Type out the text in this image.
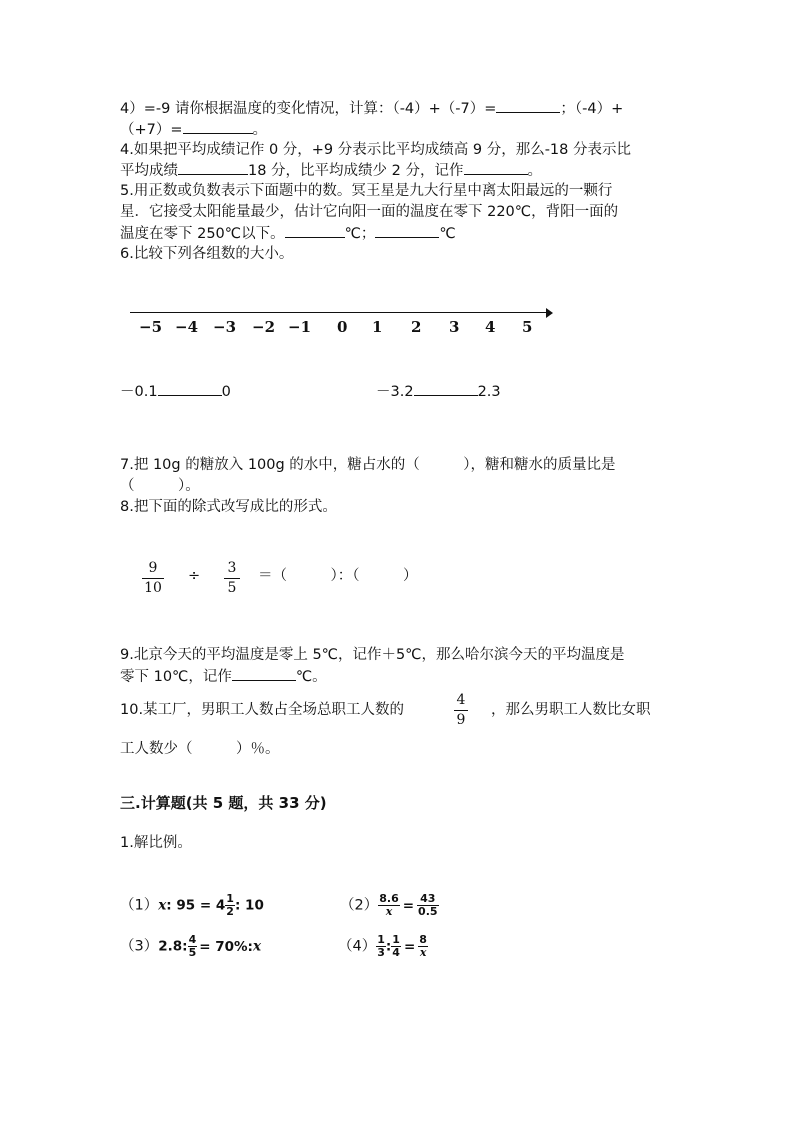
4）=-9 请你根据温度的变化情况，计算：（-4）+（-7）=	；（-4）+
（+7）=	。
4.如果把平均成绩记作 0 分，+9 分表示比平均成绩高 9 分，那么-18 分表示比
平均成绩	18 分，比平均成绩少 2 分，记作	。
5.用正数或负数表示下面题中的数。冥王星是九大行星中离太阳最远的一颗行
星．它接受太阳能量最少，估计它向阳一面的温度在零下 220℃，背阳一面的
温度在零下 250℃以下。	℃；	℃
6.比较下列各组数的大小。
−5 −4 −3 −2 −1 0 1 2 3 4 5
－0.1	0	－3.2	2.3
7.把 10g 的糖放入 100g 的水中，糖占水的（　　　），糖和糖水的质量比是
（　　　）。
8.把下面的除式改写成比的形式。
9
10
÷ 3
5
＝（　　　）：（　　　）
9.北京今天的平均温度是零上 5℃，记作＋5℃，那么哈尔滨今天的平均温度是
零下 10℃，记作	℃。
10.某工厂，男职工人数占全场总职工人数的
4
9
，那么男职工人数比女职
工人数少（　　　）％。
三.计算题(共 5 题，共 33 分)
1.解比例。
（1）x: $95 = 4 \frac{1}{2}$ : 10	$(2) \frac{8.6}{x} = \frac{43}{0.5}$
（3）2.8: $\frac{4}{5}$ = 70%:x	$(4) \frac{1}{3}$ : $\frac{1}{4} = \frac{8}{x}$
